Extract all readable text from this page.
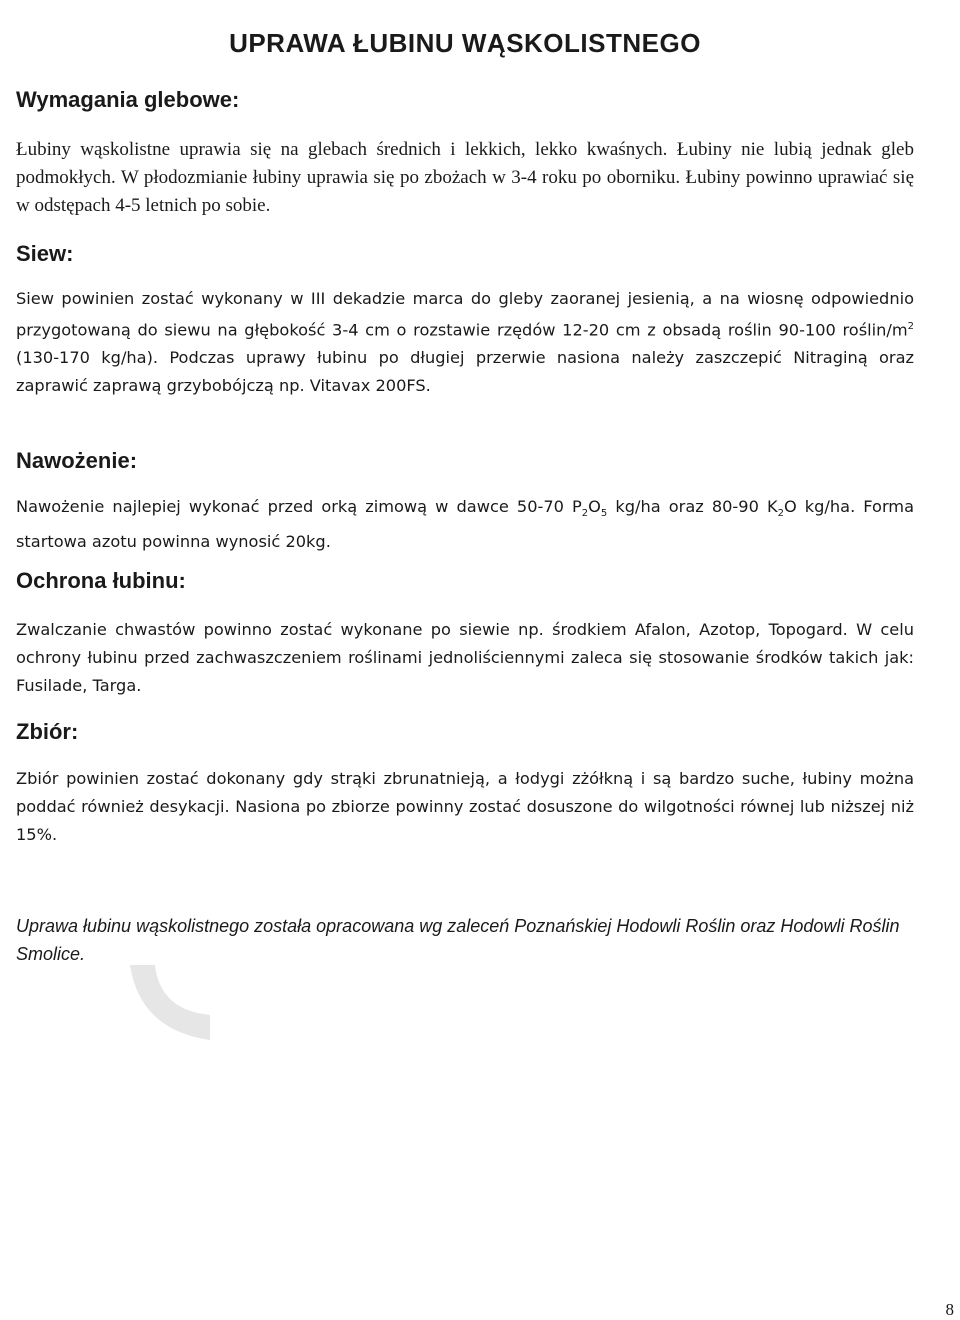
UPRAWA ŁUBINU WĄSKOLISTNEGO
Wymagania glebowe:

Łubiny wąskolistne uprawia się na glebach średnich i lekkich, lekko kwaśnych. Łubiny nie lubią jednak gleb podmokłych. W płodozmianie łubiny uprawia się po zbożach w 3-4 roku po oborniku. Łubiny powinno uprawiać się w odstępach 4-5 letnich po sobie.

Siew:

Siew powinien zostać wykonany w III dekadzie marca do gleby zaoranej jesienią, a na wiosnę odpowiednio przygotowaną do siewu na głębokość 3-4 cm o rozstawie rzędów 12-20 cm z obsadą roślin 90-100 roślin/$m^2$ (130-170 kg/ha). Podczas uprawy łubinu po długiej przerwie nasiona należy zaszczepić Nitraginą oraz zaprawić zaprawą grzybobójczą np. Vitavax 200FS.

Nawożenie:

Nawożenie najlepiej wykonać przed orką zimową w dawce 50-70 $P_2O_5$ kg/ha oraz 80-90 $K_2O$ kg/ha. Forma startowa azotu powinna wynosić 20kg.

Ochrona łubinu:

Zwalczanie chwastów powinno zostać wykonane po siewie np. środkiem Afalon, Azotop, Topogard. W celu ochrony łubinu przed zachwaszczeniem roślinami jednoliściennymi zaleca się stosowanie środków takich jak: Fusilade, Targa.

Zbiór:

Zbiór powinien zostać dokonany gdy strąki zbrunatnieją, a łodygi zżółkną i są bardzo suche, łubiny można poddać również desykacji. Nasiona po zbiorze powinny zostać dosuszone do wilgotności równej lub niższej niż 15%.

Uprawa łubinu wąskolistnego została opracowana wg zaleceń Poznańskiej Hodowli Roślin oraz Hodowli Roślin Smolice.

8
